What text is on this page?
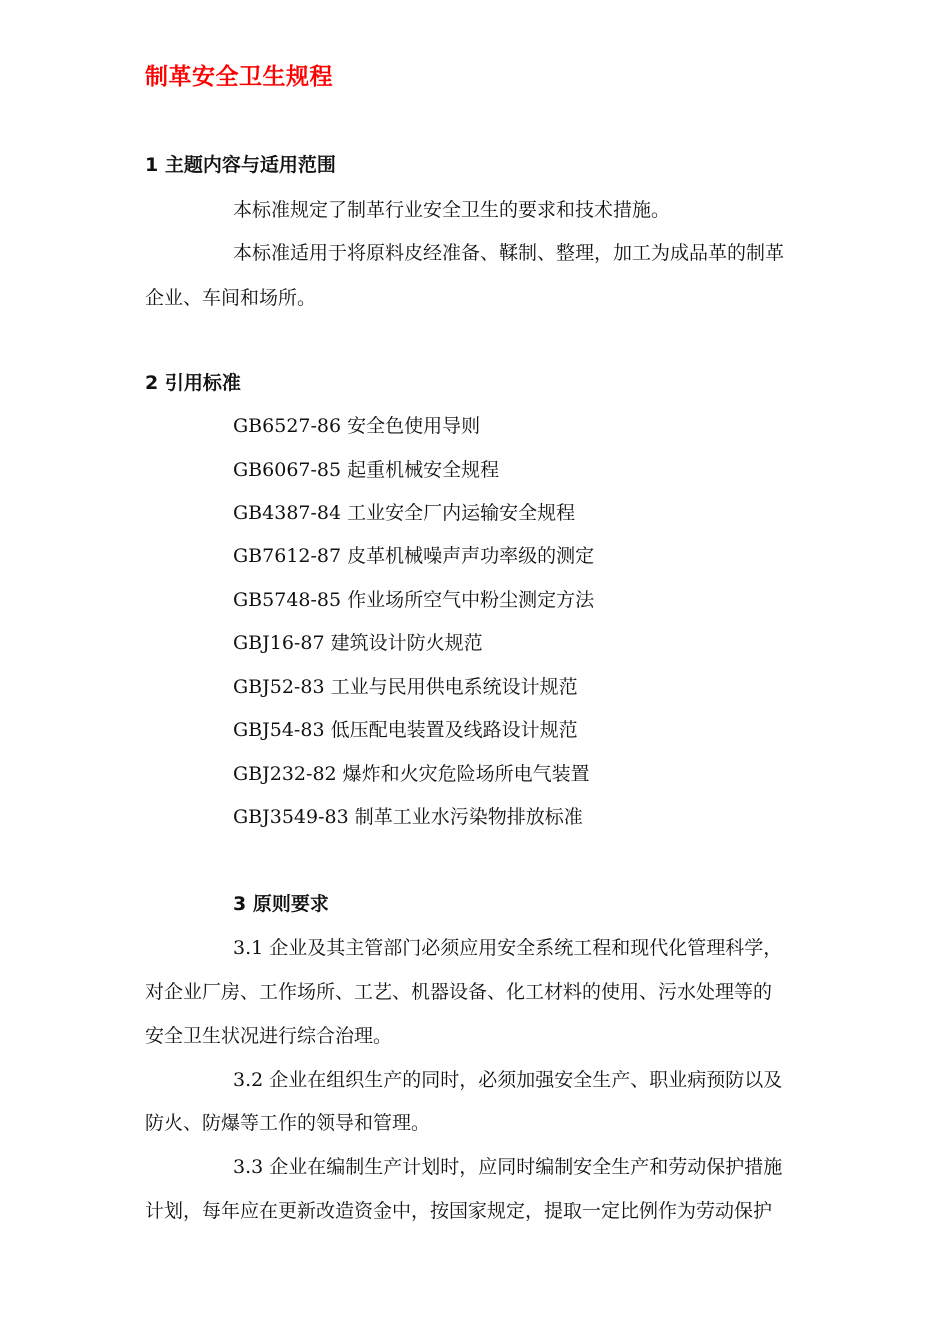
制革安全卫生规程
1 主题内容与适用范围

本标准规定了制革行业安全卫生的要求和技术措施。

本标准适用于将原料皮经准备、鞣制、整理，加工为成品革的制革

企业、车间和场所。

2 引用标准

GB6527-86 安全色使用导则

GB6067-85 起重机械安全规程

GB4387-84 工业安全厂内运输安全规程

GB7612-87 皮革机械噪声声功率级的测定

GB5748-85 作业场所空气中粉尘测定方法

GBJ16-87 建筑设计防火规范

GBJ52-83 工业与民用供电系统设计规范

GBJ54-83 低压配电装置及线路设计规范

GBJ232-82 爆炸和火灾危险场所电气装置

GBJ3549-83 制革工业水污染物排放标准

3 原则要求

3.1 企业及其主管部门必须应用安全系统工程和现代化管理科学，

对企业厂房、工作场所、工艺、机器设备、化工材料的使用、污水处理等的

安全卫生状况进行综合治理。

3.2 企业在组织生产的同时，必须加强安全生产、职业病预防以及

防火、防爆等工作的领导和管理。

3.3 企业在编制生产计划时，应同时编制安全生产和劳动保护措施

计划，每年应在更新改造资金中，按国家规定，提取一定比例作为劳动保护
